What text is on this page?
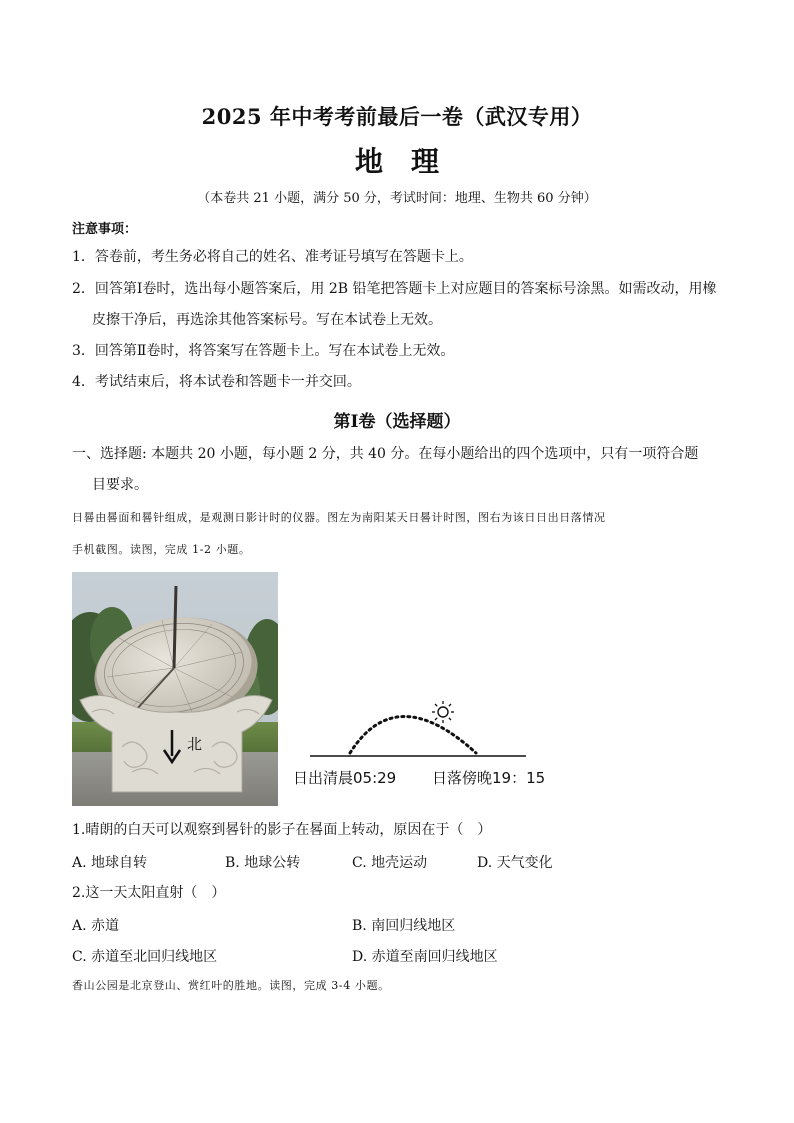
2025 年中考考前最后一卷（武汉专用）
地理
（本卷共 21 小题，满分 50 分，考试时间：地理、生物共 60 分钟）
注意事项：
1．答卷前，考生务必将自己的姓名、准考证号填写在答题卡上。
2．回答第Ⅰ卷时，选出每小题答案后，用 2B 铅笔把答题卡上对应题目的答案标号涂黑。如需改动，用橡
皮擦干净后，再选涂其他答案标号。写在本试卷上无效。
3．回答第Ⅱ卷时，将答案写在答题卡上。写在本试卷上无效。
4．考试结束后，将本试卷和答题卡一并交回。
第Ⅰ卷（选择题）
一、选择题: 本题共 20 小题，每小题 2 分，共 40 分。在每小题给出的四个选项中，只有一项符合题
目要求。
日晷由晷面和晷针组成，是观测日影计时的仪器。图左为南阳某天日晷计时图，图右为该日日出日落情况
手机截图。读图，完成 1-2 小题。
北
日出清晨05:29 日落傍晚19：15
1.晴朗的白天可以观察到晷针的影子在晷面上转动，原因在于（　）
A. 地球自转	B. 地球公转	C. 地壳运动	D. 天气变化
2.这一天太阳直射（　）
A. 赤道	B. 南回归线地区
C. 赤道至北回归线地区	D. 赤道至南回归线地区
香山公园是北京登山、赏红叶的胜地。读图，完成 3-4 小题。
